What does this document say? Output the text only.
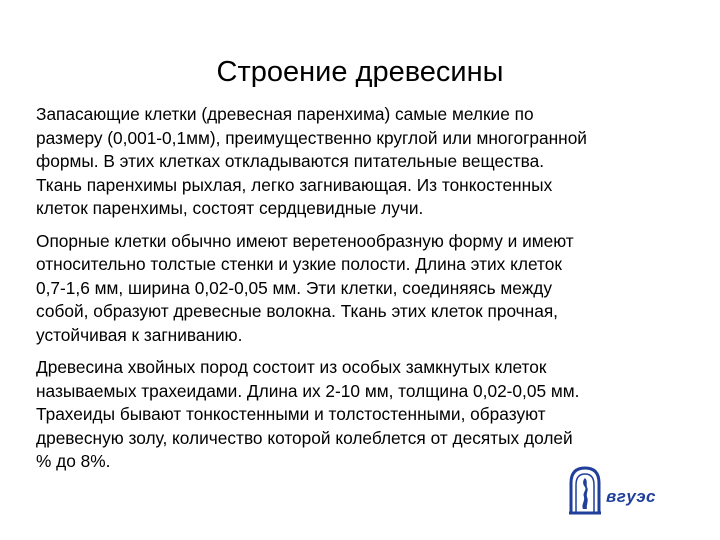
Строение древесины

Запасающие клетки (древесная паренхима) самые мелкие по
размеру (0,001-0,1мм), преимущественно круглой или многогранной
формы. В этих клетках откладываются питательные вещества.
Ткань паренхимы рыхлая, легко загнивающая. Из тонкостенных
клеток паренхимы, состоят сердцевидные лучи.

Опорные клетки обычно имеют веретенообразную форму и имеют
относительно толстые стенки и узкие полости. Длина этих клеток
0,7-1,6 мм, ширина 0,02-0,05 мм. Эти клетки, соединяясь между
собой, образуют древесные волокна. Ткань этих клеток прочная,
устойчивая к загниванию.

Древесина хвойных пород состоит из особых замкнутых клеток
называемых трахеидами. Длина их 2-10 мм, толщина 0,02-0,05 мм.
Трахеиды бывают тонкостенными и толстостенными, образуют
древесную золу, количество которой колеблется от десятых долей
% до 8%.

вгуэс
